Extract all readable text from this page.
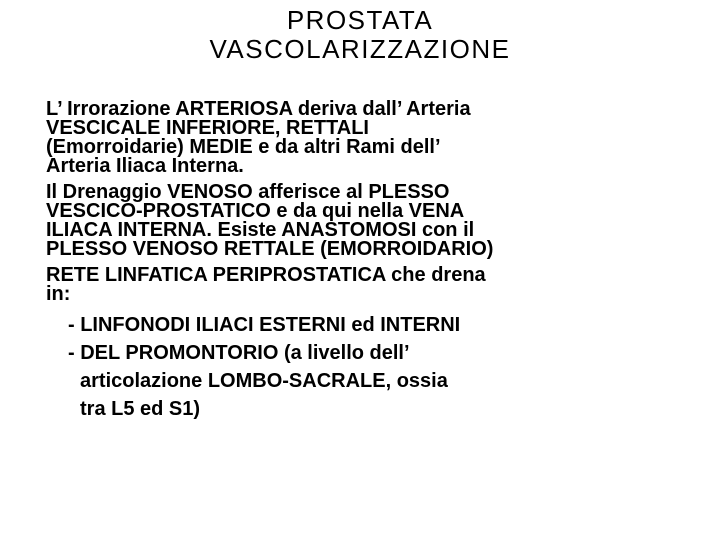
PROSTATA
VASCOLARIZZAZIONE
L’ Irrorazione ARTERIOSA deriva dall’ Arteria
VESCICALE INFERIORE, RETTALI
(Emorroidarie) MEDIE e da altri Rami dell’
Arteria Iliaca Interna.
Il Drenaggio VENOSO afferisce al PLESSO
VESCICO-PROSTATICO e da qui nella VENA
ILIACA INTERNA. Esiste ANASTOMOSI con il
PLESSO VENOSO RETTALE (EMORROIDARIO)
RETE LINFATICA PERIPROSTATICA che drena
in:
- LINFONODI ILIACI ESTERNI ed INTERNI
- DEL PROMONTORIO (a livello dell’
articolazione LOMBO-SACRALE, ossia
tra L5 ed S1)
